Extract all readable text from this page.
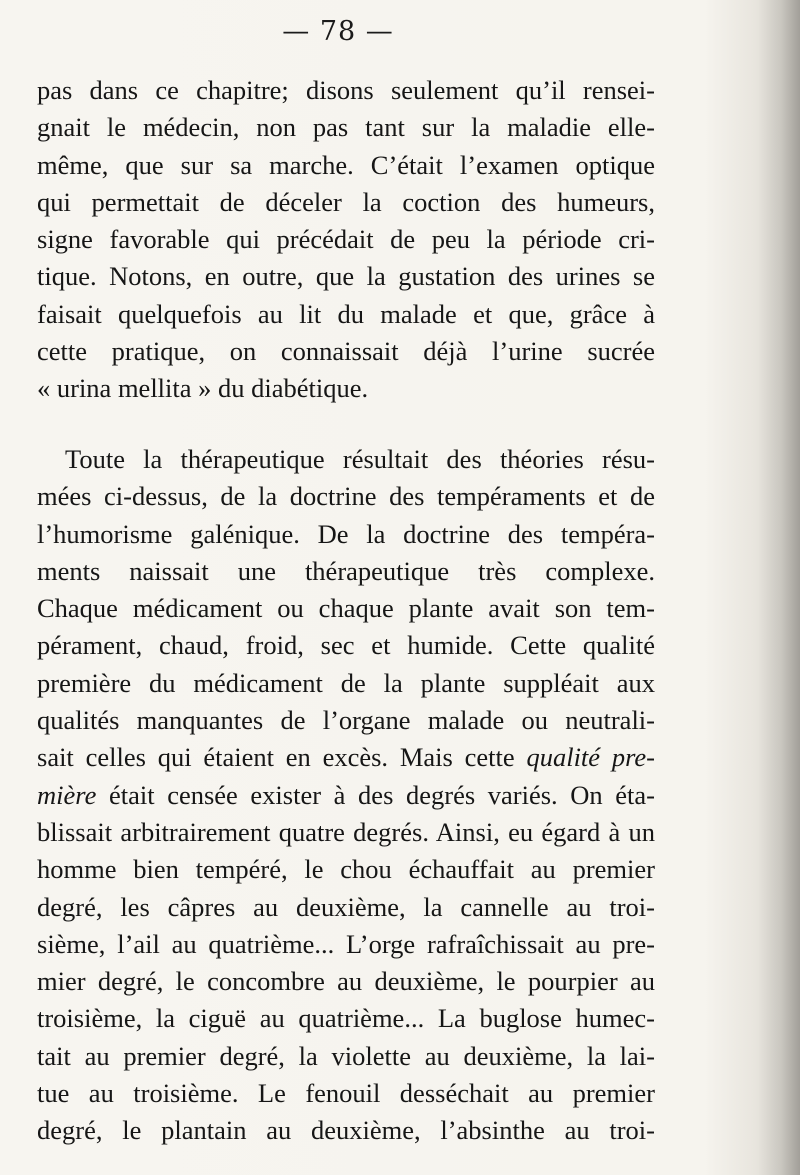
— 78 —

pas dans ce chapitre; disons seulement qu’il rensei-
gnait le médecin, non pas tant sur la maladie elle-
même, que sur sa marche. C’était l’examen optique
qui permettait de déceler la coction des humeurs,
signe favorable qui précédait de peu la période cri-
tique. Notons, en outre, que la gustation des urines se
faisait quelquefois au lit du malade et que, grâce à
cette pratique, on connaissait déjà l’urine sucrée
« urina mellita » du diabétique.

Toute la thérapeutique résultait des théories résu-
mées ci-dessus, de la doctrine des tempéraments et de
l’humorisme galénique. De la doctrine des tempéra-
ments naissait une thérapeutique très complexe.
Chaque médicament ou chaque plante avait son tem-
pérament, chaud, froid, sec et humide. Cette qualité
première du médicament de la plante suppléait aux
qualités manquantes de l’organe malade ou neutrali-
sait celles qui étaient en excès. Mais cette qualité pre-
mière était censée exister à des degrés variés. On éta-
blissait arbitrairement quatre degrés. Ainsi, eu égard à un
homme bien tempéré, le chou échauffait au premier
degré, les câpres au deuxième, la cannelle au troi-
sième, l’ail au quatrième... L’orge rafraîchissait au pre-
mier degré, le concombre au deuxième, le pourpier au
troisième, la ciguë au quatrième... La buglose humec-
tait au premier degré, la violette au deuxième, la lai-
tue au troisième. Le fenouil desséchait au premier
degré, le plantain au deuxième, l’absinthe au troi-
